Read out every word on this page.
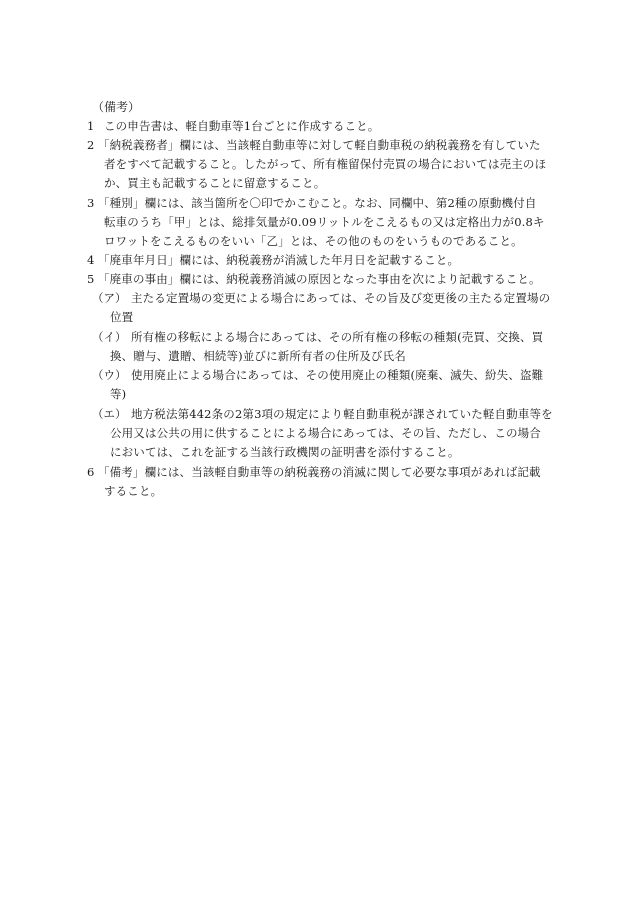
（備考）
1 この申告書は、軽自動車等1台ごとに作成すること。
2 「納税義務者」欄には、当該軽自動車等に対して軽自動車税の納税義務を有していた
者をすべて記載すること。したがって、所有権留保付売買の場合においては売主のほ
か、買主も記載することに留意すること。
3 「種別」欄には、該当箇所を〇印でかこむこと。なお、同欄中、第2種の原動機付自
転車のうち「甲」とは、総排気量が0.09リットルをこえるもの又は定格出力が0.8キ
ロワットをこえるものをいい「乙」とは、その他のものをいうものであること。
4 「廃車年月日」欄には、納税義務が消滅した年月日を記載すること。
5 「廃車の事由」欄には、納税義務消滅の原因となった事由を次により記載すること。
（ア） 主たる定置場の変更による場合にあっては、その旨及び変更後の主たる定置場の
位置
（イ） 所有権の移転による場合にあっては、その所有権の移転の種類(売買、交換、買
換、贈与、遺贈、相続等)並びに新所有者の住所及び氏名
（ウ） 使用廃止による場合にあっては、その使用廃止の種類(廃棄、滅失、紛失、盗難
等)
（エ） 地方税法第442条の2第3項の規定により軽自動車税が課されていた軽自動車等を
公用又は公共の用に供することによる場合にあっては、その旨、ただし、この場合
においては、これを証する当該行政機関の証明書を添付すること。
6 「備考」欄には、当該軽自動車等の納税義務の消滅に関して必要な事項があれば記載
すること。
